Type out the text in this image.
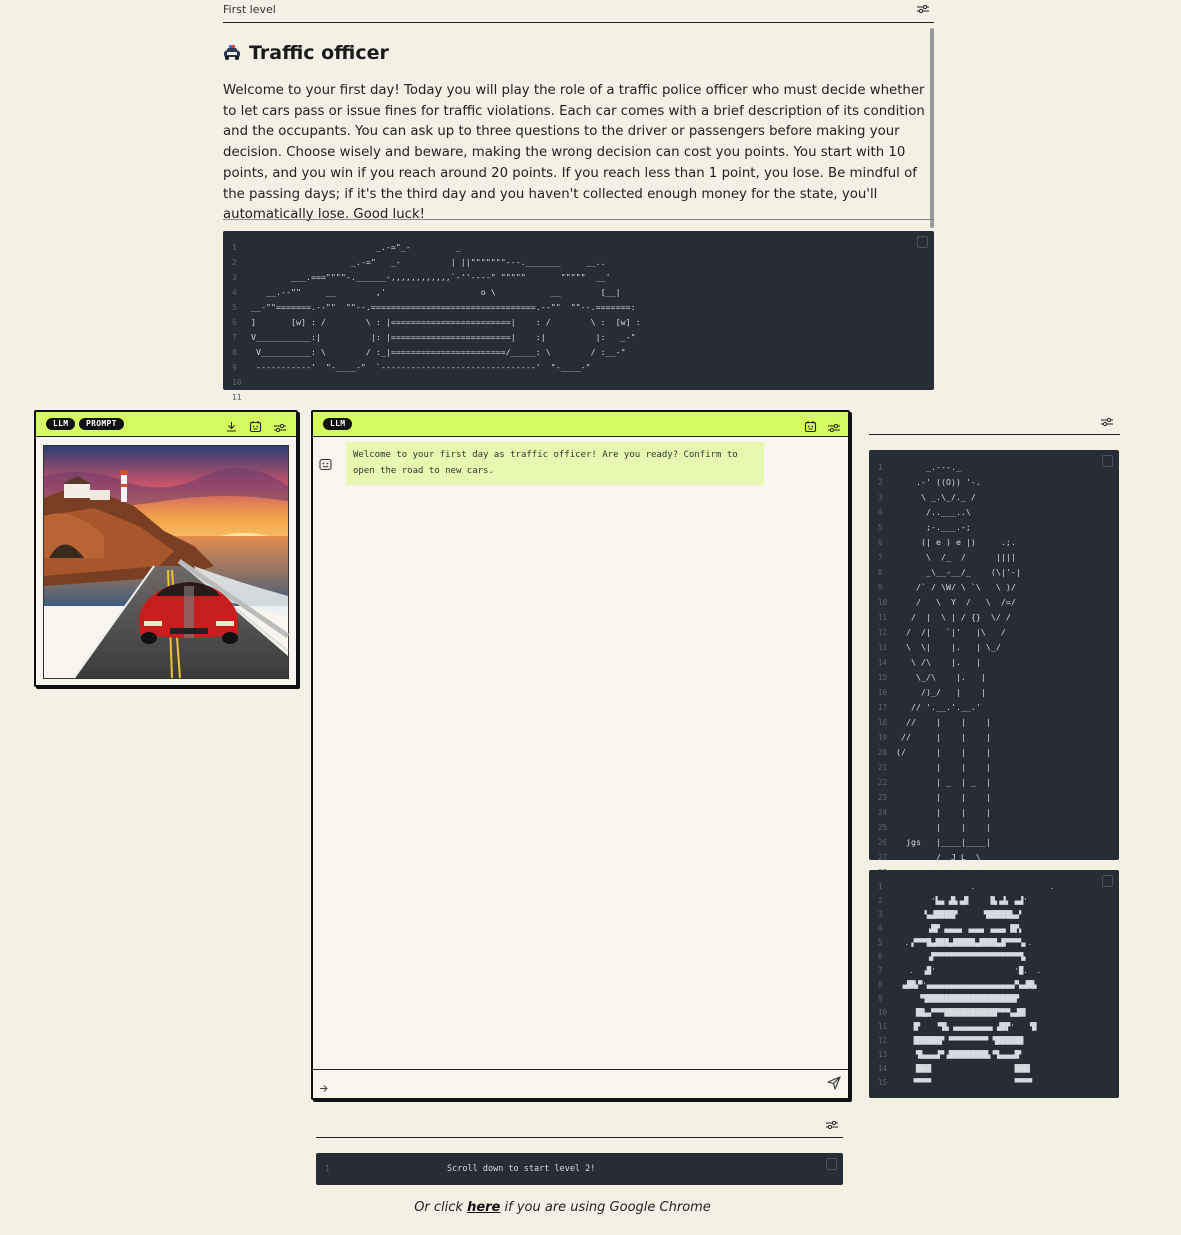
First level
Traffic officer

Welcome to your first day! Today you will play the role of a traffic police officer who must decide whether to let cars pass or issue fines for traffic violations. Each car comes with a brief description of its condition and the occupants. You can ask up to three questions to the driver or passengers before making your decision. Choose wisely and beware, making the wrong decision can cost you points. You start with 10 points, and you win if you reach around 20 points. If you reach less than 1 point, you lose. Be mindful of the passing days; if it's the third day and you haven't collected enough money for the state, you'll automatically lose. Good luck!

1                         _.-="_-         _
2                    _.-="   _-          | ||"""""""---._______     __..
3        ___.===""""-.______-,,,,,,,,,,,,`-''----" """""       """""  __'
4   __.--""     __        ,'                   o \           __        [__|
5 __-""=======.--""  ""--.=================================.--""  ""--.=======:
6 ]       [w] : /        \ : |========================|    : /        \ :  [w] :
7 V___________:|          |: |========================|    :|          |:   _-"
8 V__________: \        / :_|=======================/_____: \        / :__-"
9 -----------'  "-____-"  `-------------------------------'  "-____-"
10
11

LLM	PROMPT	LLM
Welcome to your first day as traffic officer! Are you ready? Confirm to open the road to new cars.	1      _.---._
2    .-' ((O)) '-.
3     \ _.\_/._ /
4      /..___..\
5      ;-.___.-;
6     (| e ) e |)     .;.
7      \  /_  /      ||||
8      _\__-__/_    (\|'-|
9    /` / \W/ \ `\   \ )/
10    /   \  Y  /   \  /=/
11   /  |  \ | / {}  \/ /
12  /  /|   `|'   |\   /
13  \  \|    |.   | \_/
14   \ /\    |.   |
15    \_/\    |.   |
16     /)_/   |    |
17   // '.__.'.__.'
18  //    |    |    |
19 //     |    |    |
20 (/      |    |    |
21        |    |    |
22        | _  | _  |
23        |    |    |
24        |    |    |
25        |    |    |
26  jgs   |____|____|
27        /  J L  \

1                 .                 .
2        '▙▄ ▟▙▗▟▌    ▐▙▗▟▖ ▄▟'
3      ▝▄▟████▛      ▜█████▙▄▘
4       ▗█▛ ▄▄▄▄ ▗▄▄▄ ▗▄▄▄ █▛▖
5  .▗▀▀▀█▄███▄█████▄████▄█▀▀▀▚▖.
6       ▗▛▀▀▀▀▀▀▀▀▀▀▀▀▀▀▀▀▀▀▀▜▖
7   .  ▗█'                  '█.  .
8 ▗▟█▙▀'▄▄▄▄▄▄▄▄▄▄▄▄▄▄▄▄▄▄▄▄▀▄▟█▙
9     ▝▜████████████████████▛
10    ▐█▙▄▀▀▀████████████▀▀▀▄▟█▌
11    █▘   ▝▜▙ ▄▄▄▄▄▄▄▄▄ ▟█▛'   ▝█
12    ██████▛ ▀▀▀▀▀▀▀▀▀ ▜██████
13    ▝█▄▄▄▟▀▗█████████▖▀▙▄▄▄█▘
14    ▐███                   ███▌
15    ▀▀▀▀                   ▀▀▀▀

1	Scroll down to start level 2!
Or click here if you are using Google Chrome
